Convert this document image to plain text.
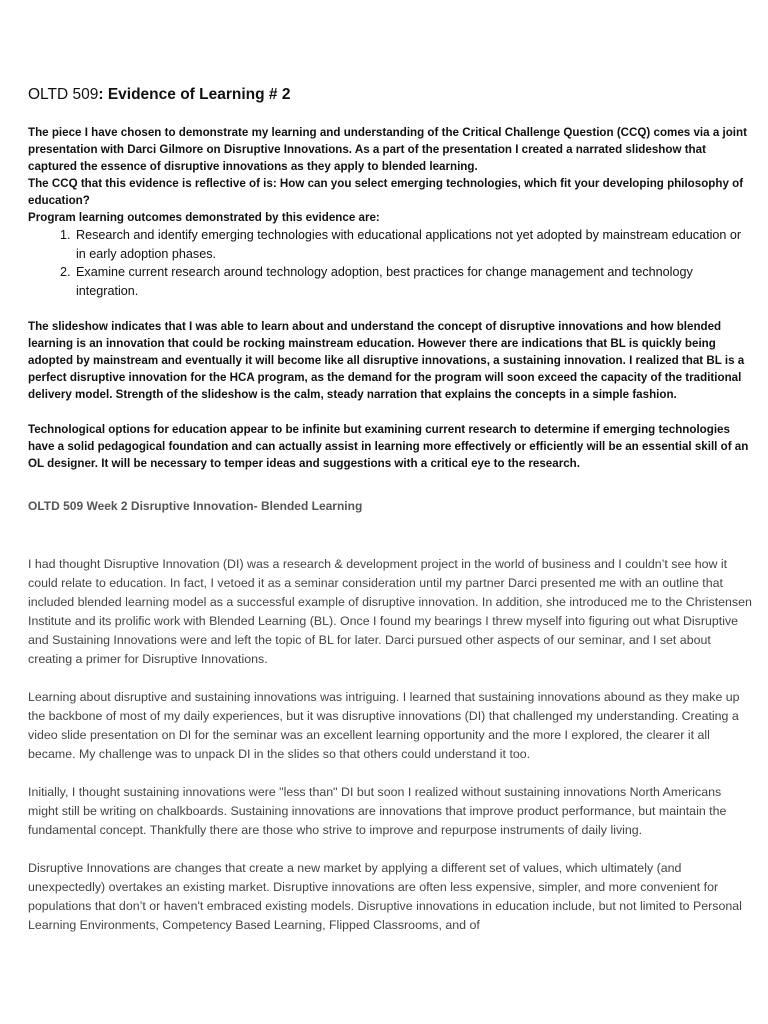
OLTD 509: Evidence of Learning # 2

The piece I have chosen to demonstrate my learning and understanding of the Critical Challenge Question (CCQ) comes via a joint presentation with Darci Gilmore on Disruptive Innovations. As a part of the presentation I created a narrated slideshow that captured the essence of disruptive innovations as they apply to blended learning.

The CCQ that this evidence is reflective of is: How can you select emerging technologies, which fit your developing philosophy of education?

Program learning outcomes demonstrated by this evidence are:

1. Research and identify emerging technologies with educational applications not yet adopted by mainstream education or in early adoption phases.
2. Examine current research around technology adoption, best practices for change management and technology integration.

The slideshow indicates that I was able to learn about and understand the concept of disruptive innovations and how blended learning is an innovation that could be rocking mainstream education. However there are indications that BL is quickly being adopted by mainstream and eventually it will become like all disruptive innovations, a sustaining innovation. I realized that BL is a perfect disruptive innovation for the HCA program, as the demand for the program will soon exceed the capacity of the traditional delivery model. Strength of the slideshow is the calm, steady narration that explains the concepts in a simple fashion.

Technological options for education appear to be infinite but examining current research to determine if emerging technologies have a solid pedagogical foundation and can actually assist in learning more effectively or efficiently will be an essential skill of an OL designer. It will be necessary to temper ideas and suggestions with a critical eye to the research.

OLTD 509 Week 2 Disruptive Innovation- Blended Learning

I had thought Disruptive Innovation (DI) was a research & development project in the world of business and I couldn’t see how it could relate to education. In fact, I vetoed it as a seminar consideration until my partner Darci presented me with an outline that included blended learning model as a successful example of disruptive innovation. In addition, she introduced me to the Christensen Institute and its prolific work with Blended Learning (BL). Once I found my bearings I threw myself into figuring out what Disruptive and Sustaining Innovations were and left the topic of BL for later. Darci pursued other aspects of our seminar, and I set about creating a primer for Disruptive Innovations.

Learning about disruptive and sustaining innovations was intriguing. I learned that sustaining innovations abound as they make up the backbone of most of my daily experiences, but it was disruptive innovations (DI) that challenged my understanding. Creating a video slide presentation on DI for the seminar was an excellent learning opportunity and the more I explored, the clearer it all became. My challenge was to unpack DI in the slides so that others could understand it too.

Initially, I thought sustaining innovations were "less than" DI but soon I realized without sustaining innovations North Americans might still be writing on chalkboards. Sustaining innovations are innovations that improve product performance, but maintain the fundamental concept. Thankfully there are those who strive to improve and repurpose instruments of daily living.

Disruptive Innovations are changes that create a new market by applying a different set of values, which ultimately (and unexpectedly) overtakes an existing market. Disruptive innovations are often less expensive, simpler, and more convenient for populations that don’t or haven't embraced existing models. Disruptive innovations in education include, but not limited to Personal Learning Environments, Competency Based Learning, Flipped Classrooms, and of
